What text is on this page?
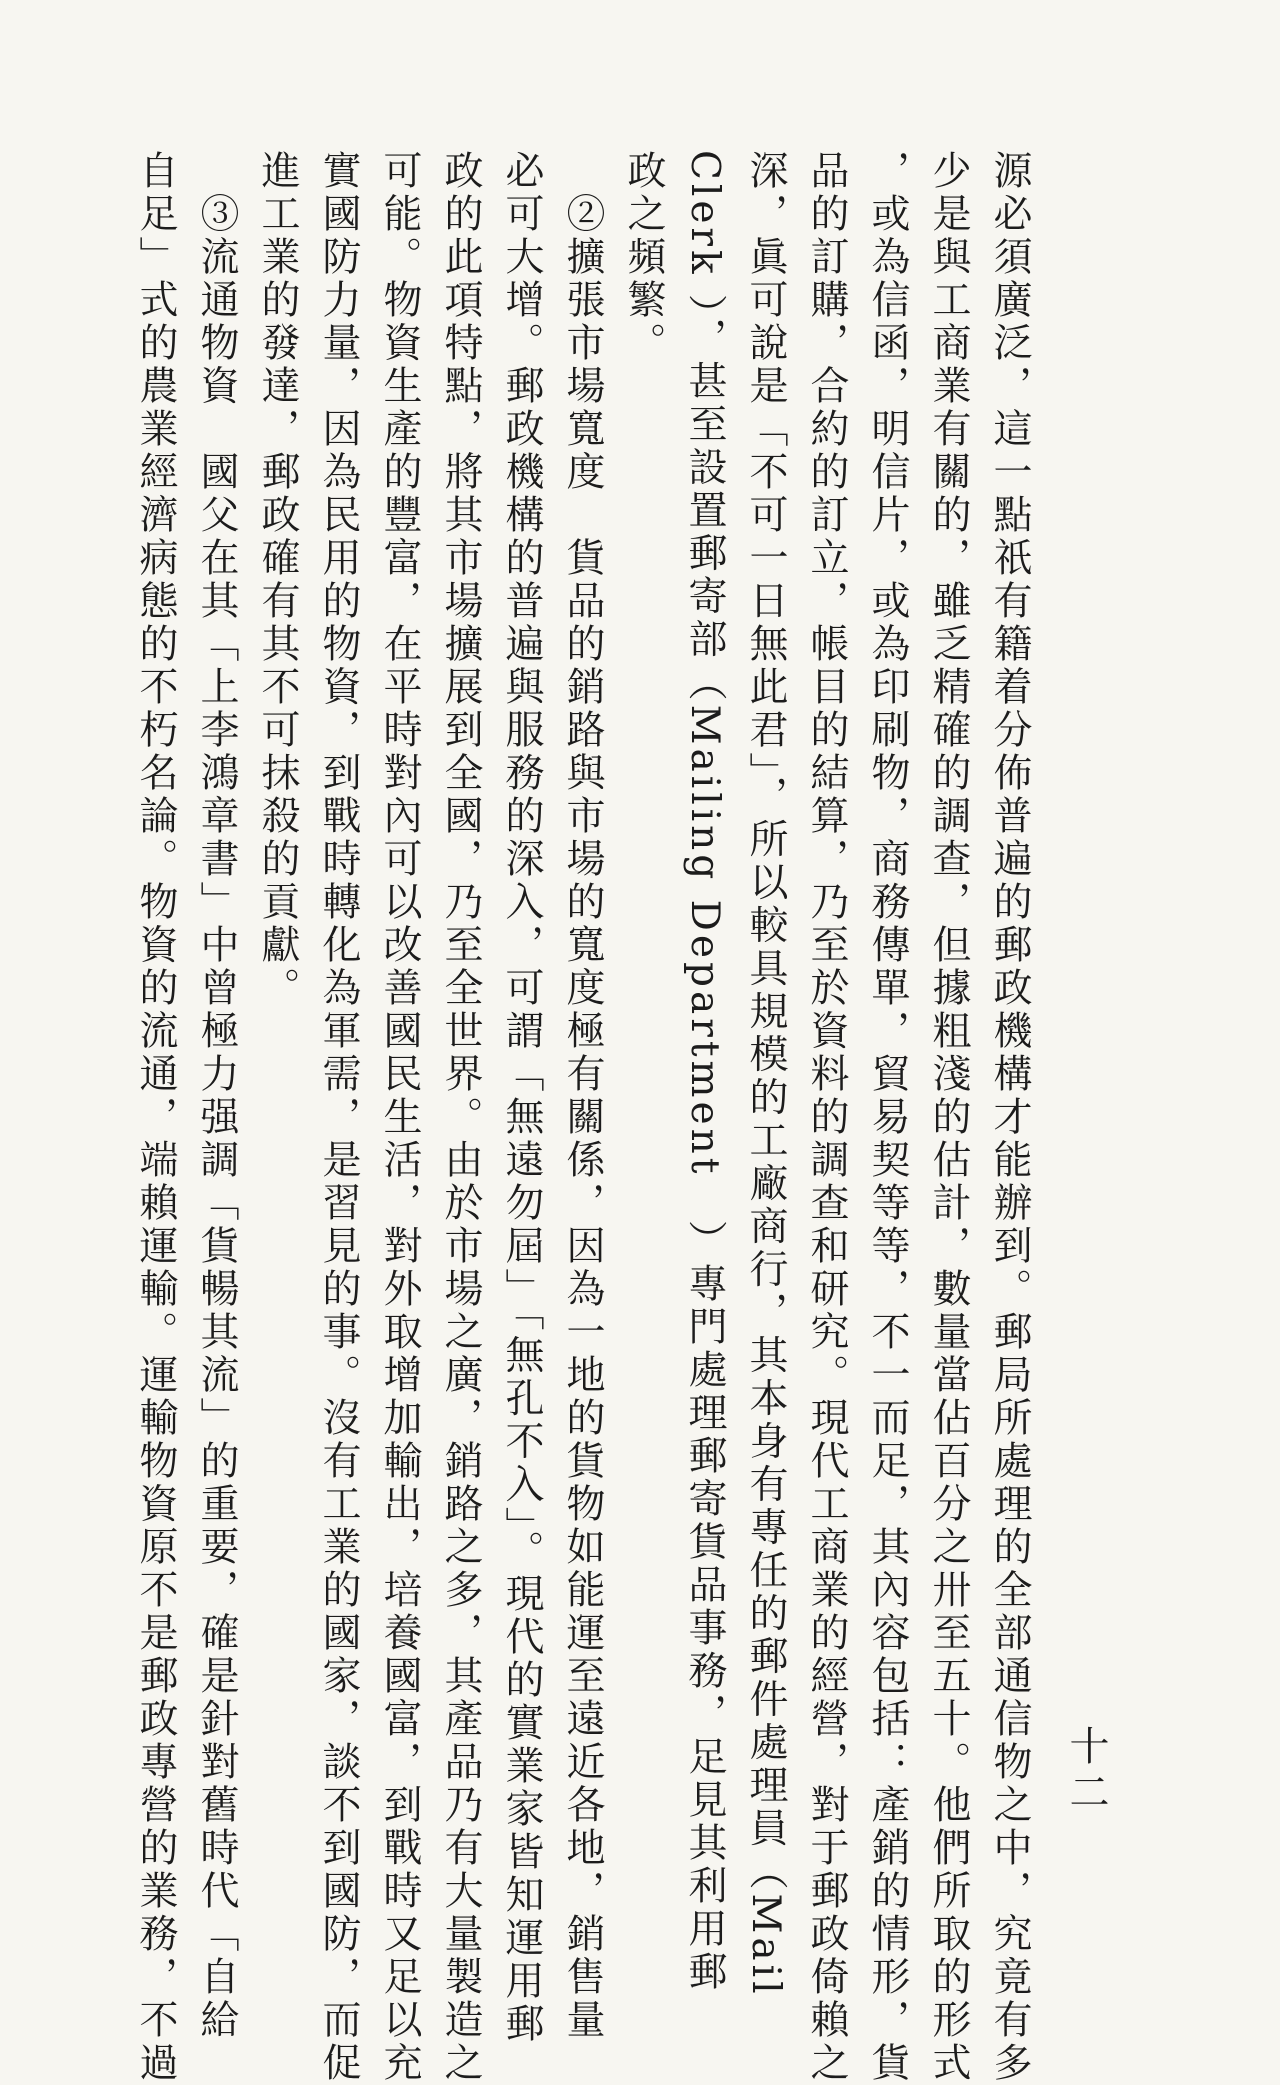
十二

源必須廣泛，這一點祇有籍着分佈普遍的郵政機構才能辦到。郵局所處理的全部通信物之中，究竟有多

少是與工商業有關的，雖乏精確的調查，但據粗淺的估計，數量當佔百分之卅至五十。他們所取的形式

，或為信函，明信片，或為印刷物，商務傳單，貿易契等等，不一而足，其內容包括：產銷的情形，貨

品的訂購，合約的訂立，帳目的結算，乃至於資料的調查和研究。現代工商業的經營，對于郵政倚賴之

深，眞可說是「不可一日無此君」，所以較具規模的工廠商行，其本身有專任的郵件處理員（Mail

Clerk ），甚至設置郵寄部（Mailing Department　）專門處理郵寄貨品事務，足見其利用郵

政之頻繁。

　②擴張市場寬度　貨品的銷路與市場的寬度極有關係，因為一地的貨物如能運至遠近各地，銷售量

必可大增。郵政機構的普遍與服務的深入，可謂「無遠勿屆」「無孔不入」。現代的實業家皆知運用郵

政的此項特點，將其市場擴展到全國，乃至全世界。由於市場之廣，銷路之多，其產品乃有大量製造之

可能。物資生產的豐富，在平時對內可以改善國民生活，對外取增加輸出，培養國富，到戰時又足以充

實國防力量，因為民用的物資，到戰時轉化為軍需，是習見的事。沒有工業的國家，談不到國防，而促

進工業的發達，郵政確有其不可抹殺的貢獻。

　③流通物資　國父在其「上李鴻章書」中曾極力强調「貨暢其流」的重要，確是針對舊時代「自給

自足」式的農業經濟病態的不朽名論。物資的流通，端賴運輸。運輸物資原不是郵政專營的業務，不過
